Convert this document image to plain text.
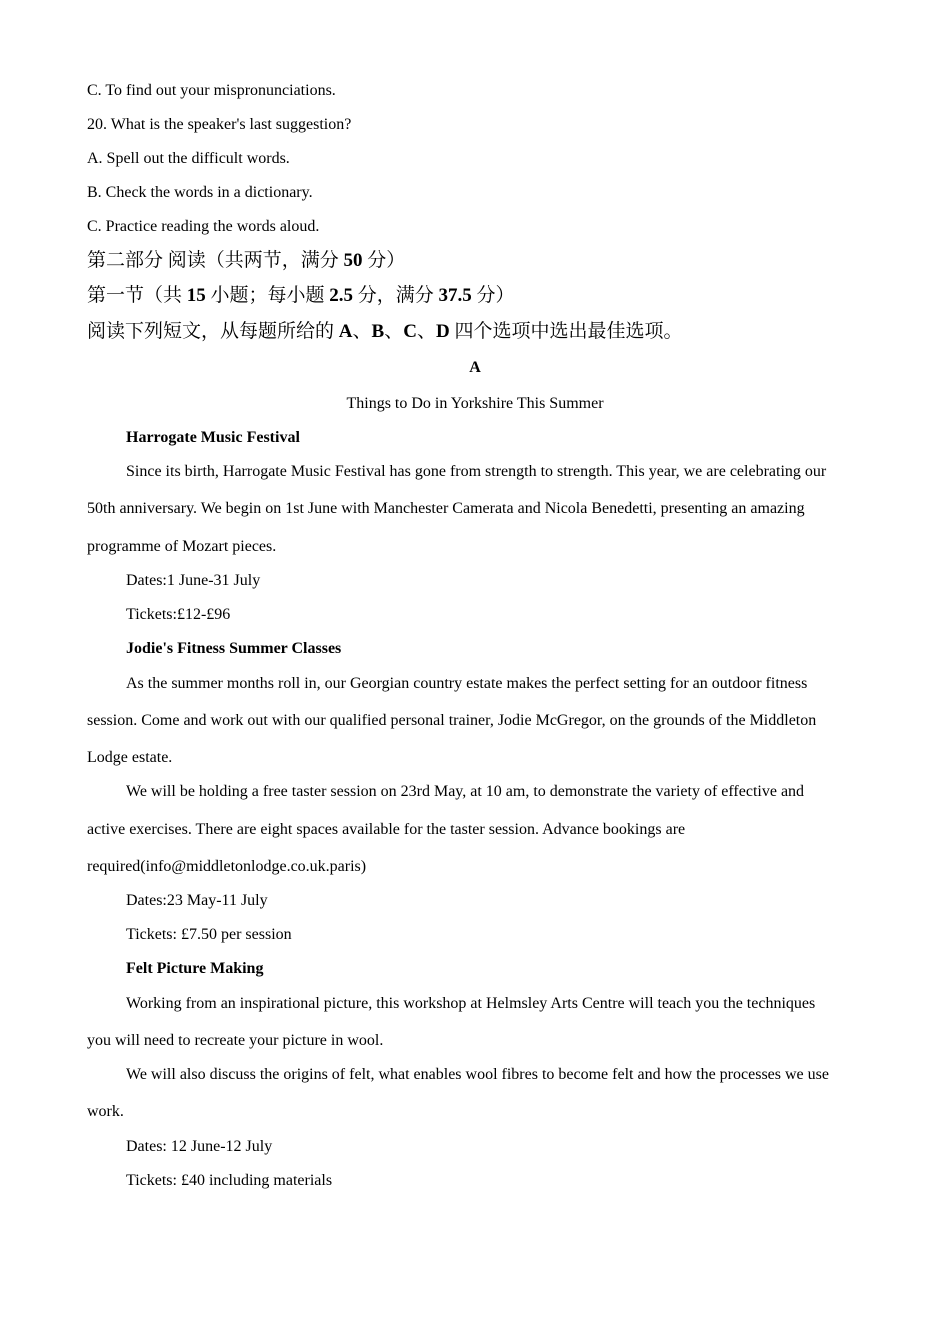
C. To find out your mispronunciations.
20. What is the speaker's last suggestion?
A. Spell out the difficult words.
B. Check the words in a dictionary.
C. Practice reading the words aloud.
第二部分 阅读（共两节，满分 50 分）
第一节（共 15 小题；每小题 2.5 分，满分 37.5 分）
阅读下列短文，从每题所给的 A、B、C、D 四个选项中选出最佳选项。
A
Things to Do in Yorkshire This Summer
Harrogate Music Festival
Since its birth, Harrogate Music Festival has gone from strength to strength. This year, we are celebrating our
50th anniversary. We begin on 1st June with Manchester Camerata and Nicola Benedetti, presenting an amazing
programme of Mozart pieces.
Dates:1 June-31 July
Tickets:£12-£96
Jodie's Fitness Summer Classes
As the summer months roll in, our Georgian country estate makes the perfect setting for an outdoor fitness
session. Come and work out with our qualified personal trainer, Jodie McGregor, on the grounds of the Middleton
Lodge estate.
We will be holding a free taster session on 23rd May, at 10 am, to demonstrate the variety of effective and
active exercises. There are eight spaces available for the taster session. Advance bookings are
required(info@middletonlodge.co.uk.paris)
Dates:23 May-11 July
Tickets: £7.50 per session
Felt Picture Making
Working from an inspirational picture, this workshop at Helmsley Arts Centre will teach you the techniques
you will need to recreate your picture in wool.
We will also discuss the origins of felt, what enables wool fibres to become felt and how the processes we use
work.
Dates: 12 June-12 July
Tickets: £40 including materials
